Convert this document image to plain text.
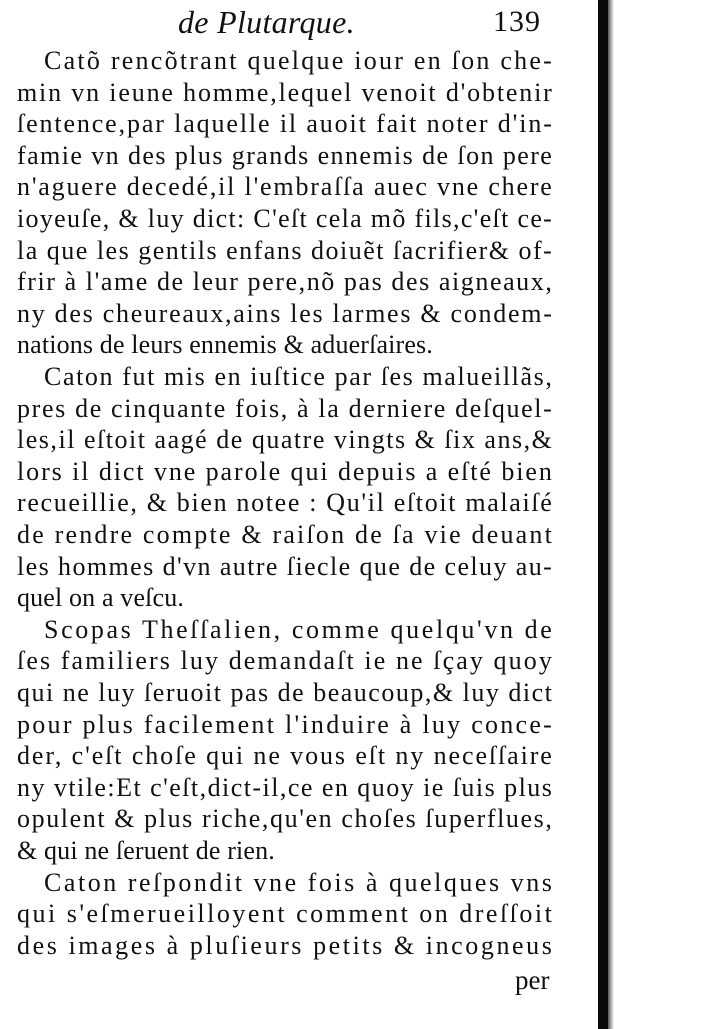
de Plutarque.	139
Catõ rencõtrant quelque iour en ſon che-
min vn ieune homme,lequel venoit d'obtenir
ſentence,par laquelle il auoit fait noter d'in-
famie vn des plus grands ennemis de ſon pere
n'aguere decedé,il l'embraſſa auec vne chere
ioyeuſe, & luy dict: C'eſt cela mõ fils,c'eſt ce-
la que les gentils enfans doiuẽt ſacrifier& of-
frir à l'ame de leur pere,nõ pas des aigneaux,
ny des cheureaux,ains les larmes & condem-
nations de leurs ennemis & aduerſaires.
Caton fut mis en iuſtice par ſes malueillãs,
pres de cinquante fois, à la derniere deſquel-
les,il eſtoit aagé de quatre vingts & ſix ans,&
lors il dict vne parole qui depuis a eſté bien
recueillie, & bien notee : Qu'il eſtoit malaiſé
de rendre compte & raiſon de ſa vie deuant
les hommes d'vn autre ſiecle que de celuy au-
quel on a veſcu.
Scopas Theſſalien, comme quelqu'vn de
ſes familiers luy demandaſt ie ne ſçay quoy
qui ne luy ſeruoit pas de beaucoup,& luy dict
pour plus facilement l'induire à luy conce-
der, c'eſt choſe qui ne vous eſt ny neceſſaire
ny vtile:Et c'eſt,dict-il,ce en quoy ie ſuis plus
opulent & plus riche,qu'en choſes ſuperflues,
& qui ne ſeruent de rien.
Caton reſpondit vne fois à quelques vns
qui s'eſmerueilloyent comment on dreſſoit
des images à pluſieurs petits & incogneus
per
